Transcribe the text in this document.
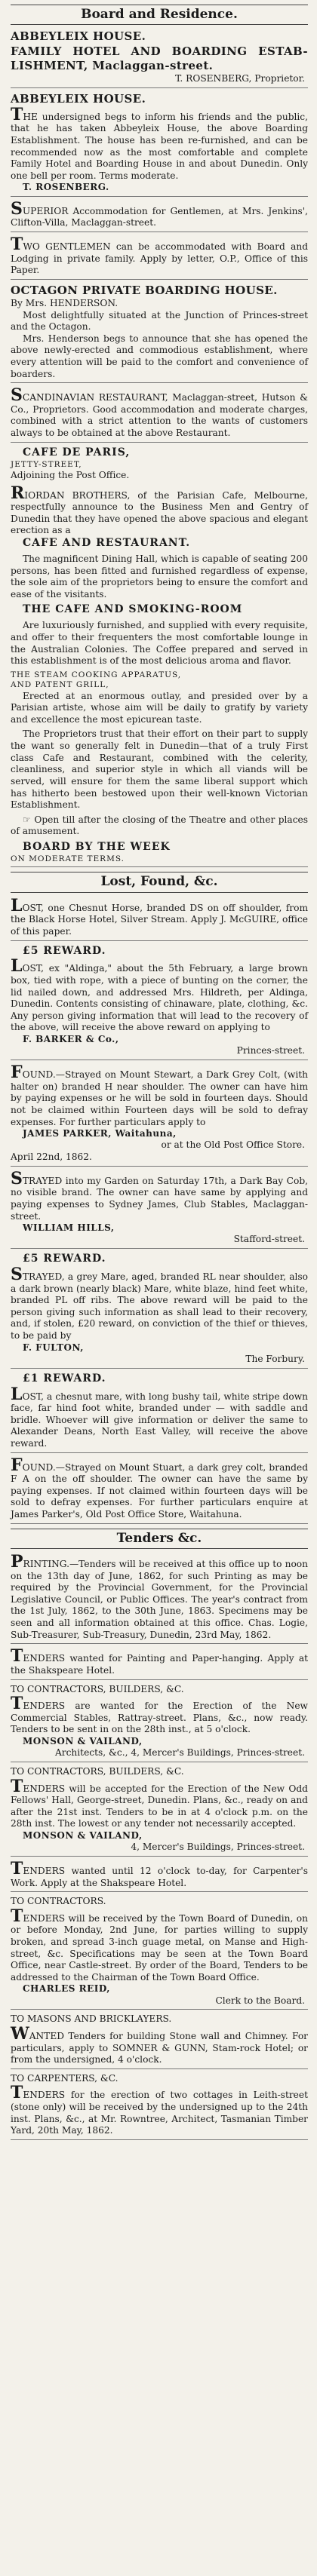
Board and Residence.

ABBEYLEIX HOUSE.

FAMILY HOTEL AND BOARDING ESTAB-LISHMENT, Maclaggan-street.

T. ROSENBERG, Proprietor.

ABBEYLEIX HOUSE.

THE undersigned begs to inform his friends and the public, that he has taken Abbeyleix House, the above Boarding Establishment. The house has been re-furnished, and can be recommended now as the most comfortable and complete Family Hotel and Boarding House in and about Dunedin. Only one bell per room. Terms moderate.

T. ROSENBERG.

SUPERIOR Accommodation for Gentlemen, at Mrs. Jenkins', Clifton-Villa, Maclaggan-street.

TWO GENTLEMEN can be accommodated with Board and Lodging in private family. Apply by letter, O.P., Office of this Paper.

OCTAGON PRIVATE BOARDING HOUSE.

By Mrs. HENDERSON.

Most delightfully situated at the Junction of Princes-street and the Octagon.

Mrs. Henderson begs to announce that she has opened the above newly-erected and commodious establishment, where every attention will be paid to the comfort and convenience of boarders.

SCANDINAVIAN RESTAURANT, Maclaggan-street, Hutson & Co., Proprietors. Good accommodation and moderate charges, combined with a strict attention to the wants of customers always to be obtained at the above Restaurant.

CAFE DE PARIS,

JETTY-STREET,

Adjoining the Post Office.

RIORDAN BROTHERS, of the Parisian Cafe, Melbourne, respectfully announce to the Business Men and Gentry of Dunedin that they have opened the above spacious and elegant erection as a

CAFE AND RESTAURANT.

The magnificent Dining Hall, which is capable of seating 200 persons, has been fitted and furnished regardless of expense, the sole aim of the proprietors being to ensure the comfort and ease of the visitants.

THE CAFE AND SMOKING-ROOM

Are luxuriously furnished, and supplied with every requisite, and offer to their frequenters the most comfortable lounge in the Australian Colonies. The Coffee prepared and served in this establishment is of the most delicious aroma and flavor.

THE STEAM COOKING APPARATUS,

AND PATENT GRILL,

Erected at an enormous outlay, and presided over by a Parisian artiste, whose aim will be daily to gratify by variety and excellence the most epicurean taste.

The Proprietors trust that their effort on their part to supply the want so generally felt in Dunedin—that of a truly First class Cafe and Restaurant, combined with the celerity, cleanliness, and superior style in which all viands will be served, will ensure for them the same liberal support which has hitherto been bestowed upon their well-known Victorian Establishment.

☞ Open till after the closing of the Theatre and other places of amusement.

BOARD BY THE WEEK

ON MODERATE TERMS.

Lost, Found, &c.

LOST, one Chesnut Horse, branded DS on off shoulder, from the Black Horse Hotel, Silver Stream. Apply J. McGUIRE, office of this paper.

£5 REWARD.

LOST, ex "Aldinga," about the 5th February, a large brown box, tied with rope, with a piece of bunting on the corner, the lid nailed down, and addressed Mrs. Hildreth, per Aldinga, Dunedin. Contents consisting of chinaware, plate, clothing, &c. Any person giving information that will lead to the recovery of the above, will receive the above reward on applying to

F. BARKER & Co.,

Princes-street.

FOUND.—Strayed on Mount Stewart, a Dark Grey Colt, (with halter on) branded H near shoulder. The owner can have him by paying expenses or he will be sold in fourteen days. Should not be claimed within Fourteen days will be sold to defray expenses. For further particulars apply to

JAMES PARKER, Waitahuna,

or at the Old Post Office Store.

April 22nd, 1862.

STRAYED into my Garden on Saturday 17th, a Dark Bay Cob, no visible brand. The owner can have same by applying and paying expenses to Sydney James, Club Stables, Maclaggan-street.

WILLIAM HILLS,

Stafford-street.

£5 REWARD.

STRAYED, a grey Mare, aged, branded RL near shoulder, also a dark brown (nearly black) Mare, white blaze, hind feet white, branded PL off ribs. The above reward will be paid to the person giving such information as shall lead to their recovery, and, if stolen, £20 reward, on conviction of the thief or thieves, to be paid by

F. FULTON,

The Forbury.

£1 REWARD.

LOST, a chesnut mare, with long bushy tail, white stripe down face, far hind foot white, branded under — with saddle and bridle. Whoever will give information or deliver the same to Alexander Deans, North East Valley, will receive the above reward.

FOUND.—Strayed on Mount Stuart, a dark grey colt, branded F A on the off shoulder. The owner can have the same by paying expenses. If not claimed within fourteen days will be sold to defray expenses. For further particulars enquire at James Parker's, Old Post Office Store, Waitahuna.

Tenders &c.

PRINTING.—Tenders will be received at this office up to noon on the 13th day of June, 1862, for such Printing as may be required by the Provincial Government, for the Provincial Legislative Council, or Public Offices. The year's contract from the 1st July, 1862, to the 30th June, 1863. Specimens may be seen and all information obtained at this office. Chas. Logie, Sub-Treasurer, Sub-Treasury, Dunedin, 23rd May, 1862.

TENDERS wanted for Painting and Paper-hanging. Apply at the Shakspeare Hotel.

TO CONTRACTORS, BUILDERS, &C.

TENDERS are wanted for the Erection of the New Commercial Stables, Rattray-street. Plans, &c., now ready. Tenders to be sent in on the 28th inst., at 5 o'clock.

MONSON & VAILAND,

Architects, &c., 4, Mercer's Buildings, Princes-street.

TO CONTRACTORS, BUILDERS, &C.

TENDERS will be accepted for the Erection of the New Odd Fellows' Hall, George-street, Dunedin. Plans, &c., ready on and after the 21st inst. Tenders to be in at 4 o'clock p.m. on the 28th inst. The lowest or any tender not necessarily accepted.

MONSON & VAILAND,

4, Mercer's Buildings, Princes-street.

TENDERS wanted until 12 o'clock to-day, for Carpenter's Work. Apply at the Shakspeare Hotel.

TO CONTRACTORS.

TENDERS will be received by the Town Board of Dunedin, on or before Monday, 2nd June, for parties willing to supply broken, and spread 3-inch guage metal, on Manse and High-street, &c. Specifications may be seen at the Town Board Office, near Castle-street. By order of the Board, Tenders to be addressed to the Chairman of the Town Board Office.

CHARLES REID,

Clerk to the Board.

TO MASONS AND BRICKLAYERS.

WANTED Tenders for building Stone wall and Chimney. For particulars, apply to SOMNER & GUNN, Stam-rock Hotel; or from the undersigned, 4 o'clock.

TO CARPENTERS, &C.

TENDERS for the erection of two cottages in Leith-street (stone only) will be received by the undersigned up to the 24th inst. Plans, &c., at Mr. Rowntree, Architect, Tasmanian Timber Yard, 20th May, 1862.
